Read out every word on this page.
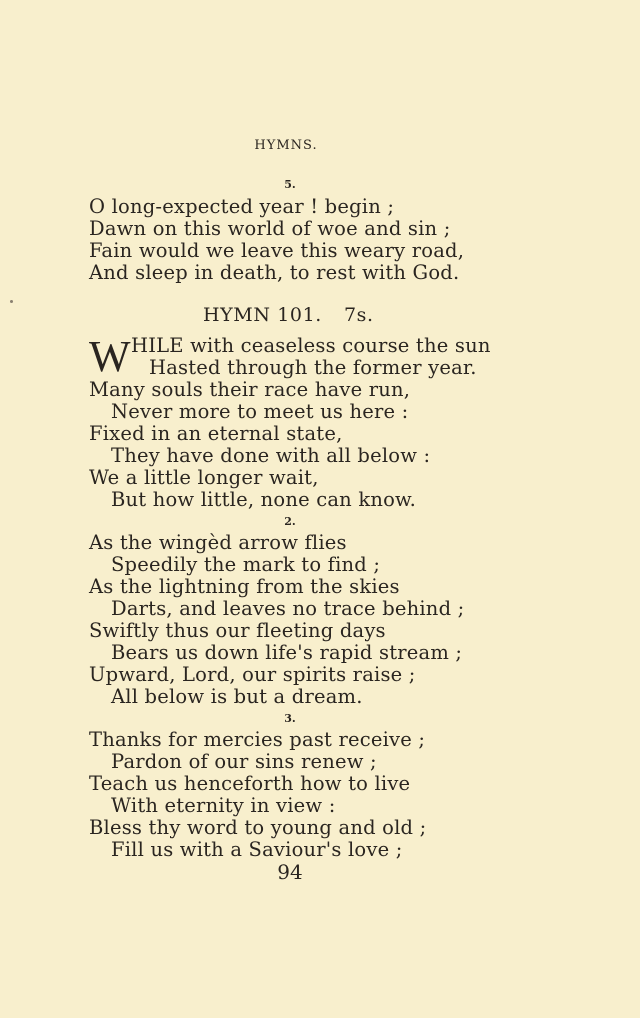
HYMNS.
5.
O long-expected year ! begin ;
Dawn on this world of woe and sin ;
Fain would we leave this weary road,
And sleep in death, to rest with God.
HYMN 101. 7s.
W HILE with ceaseless course the sun
Hasted through the former year.
Many souls their race have run,
Never more to meet us here :
Fixed in an eternal state,
They have done with all below :
We a little longer wait,
But how little, none can know.
2.
As the wingèd arrow flies
Speedily the mark to find ;
As the lightning from the skies
Darts, and leaves no trace behind ;
Swiftly thus our fleeting days
Bears us down life's rapid stream ;
Upward, Lord, our spirits raise ;
All below is but a dream.
3.
Thanks for mercies past receive ;
Pardon of our sins renew ;
Teach us henceforth how to live
With eternity in view :
Bless thy word to young and old ;
Fill us with a Saviour's love ;
94
